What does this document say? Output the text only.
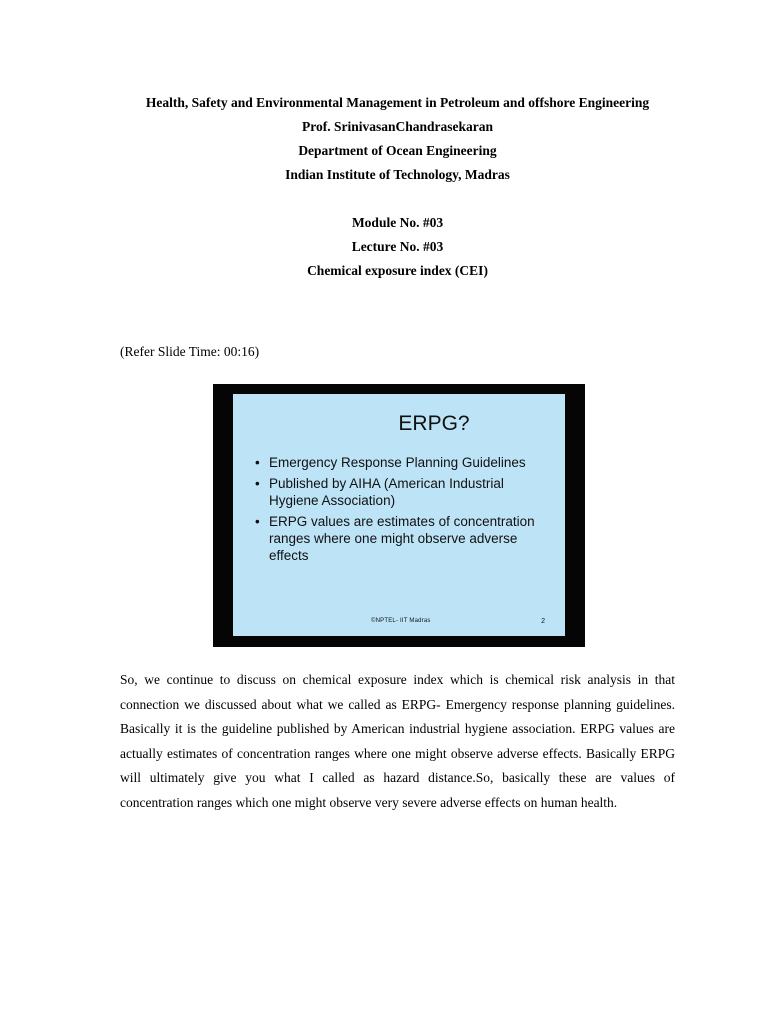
Health, Safety and Environmental Management in Petroleum and offshore Engineering
Prof. SrinivasanChandrasekaran
Department of Ocean Engineering
Indian Institute of Technology, Madras
Module No. #03
Lecture No. #03
Chemical exposure index (CEI)
(Refer Slide Time: 00:16)
ERPG?
• Emergency Response Planning Guidelines
• Published by AIHA (American Industrial Hygiene Association)
• ERPG values are estimates of concentration ranges where one might observe adverse effects
©NPTEL- IIT Madras	2

So, we continue to discuss on chemical exposure index which is chemical risk analysis in that connection we discussed about what we called as ERPG- Emergency response planning guidelines. Basically it is the guideline published by American industrial hygiene association. ERPG values are actually estimates of concentration ranges where one might observe adverse effects. Basically ERPG will ultimately give you what I called as hazard distance.So, basically these are values of concentration ranges which one might observe very severe adverse effects on human health.
